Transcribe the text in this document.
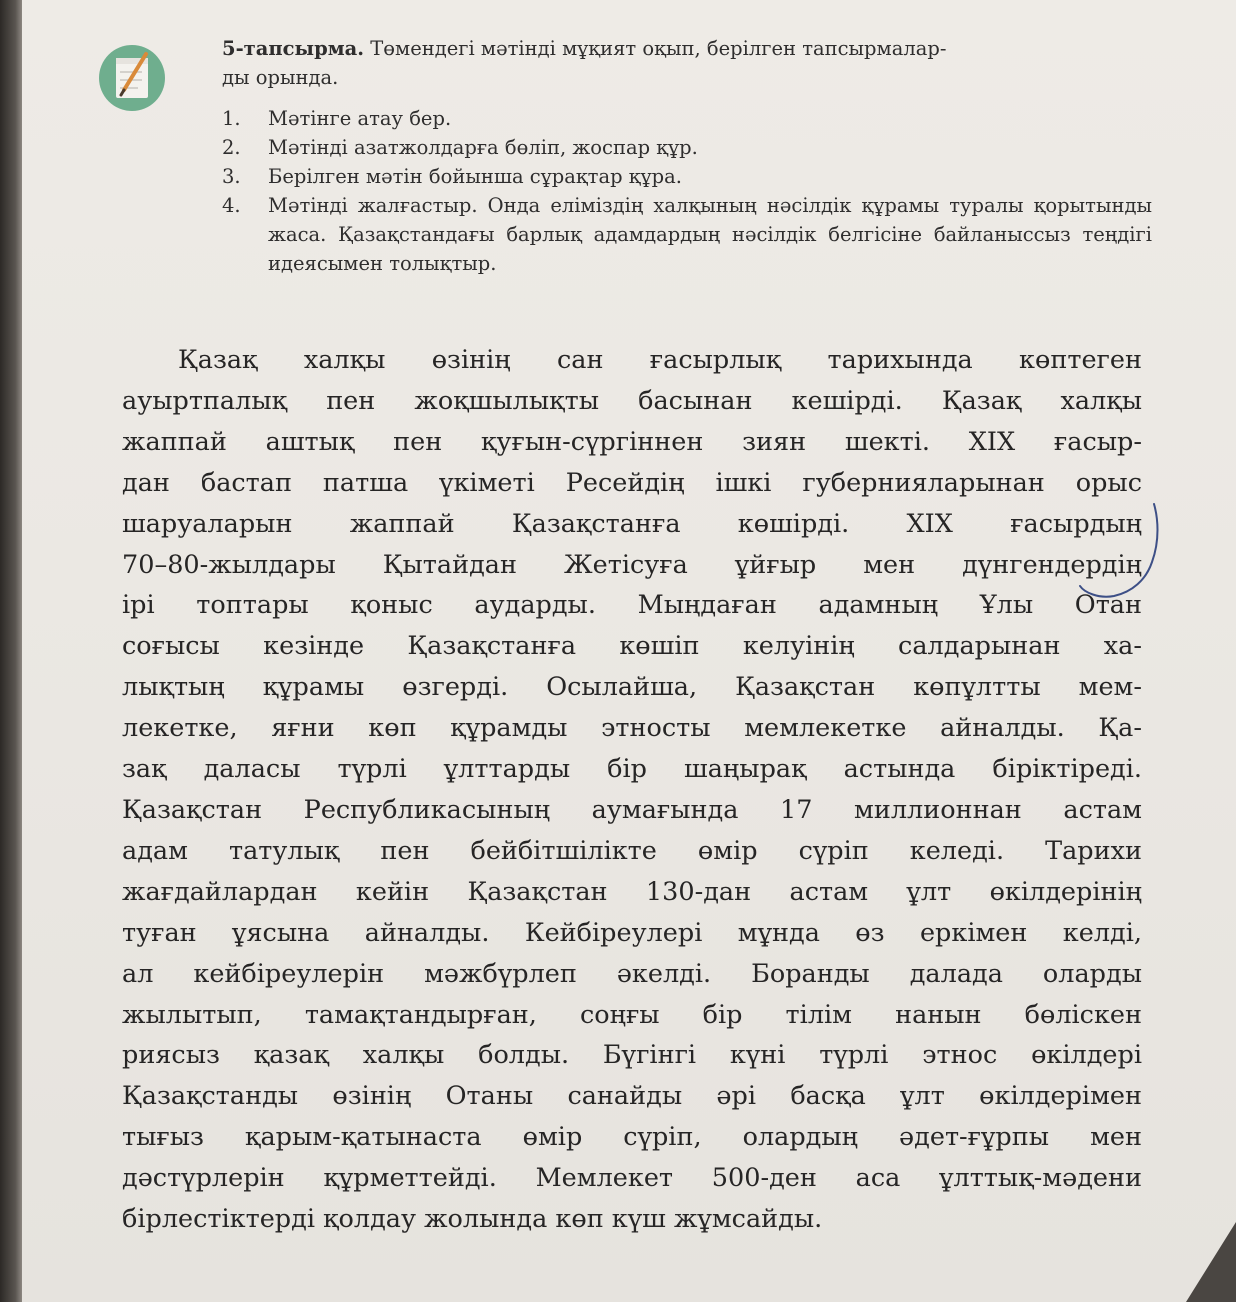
5-тапсырма. Төмендегі мәтінді мұқият оқып, берілген тапсырмалар-
ды орында.
1.	Мәтінге атау бер.
2.	Мәтінді азатжолдарға бөліп, жоспар құр.
3.	Берілген мәтін бойынша сұрақтар құра.
4.	Мәтінді жалғастыр. Онда еліміздің халқының нәсілдік құрамы туралы қорытынды жаса. Қазақстандағы барлық адамдардың нәсілдік белгісіне байланыссыз теңдігі идеясымен толықтыр.
Қазақ халқы өзінің сан ғасырлық тарихында көптеген
ауыртпалық пен жоқшылықты басынан кешірді. Қазақ халқы
жаппай аштық пен қуғын-сүргіннен зиян шекті. XIX ғасыр-
дан бастап патша үкіметі Ресейдің ішкі губернияларынан орыс
шаруаларын жаппай Қазақстанға көшірді. XIX ғасырдың
70–80-жылдары Қытайдан Жетісуға ұйғыр мен дүнгендердің
ірі топтары қоныс аударды. Мыңдаған адамның Ұлы Отан
соғысы кезінде Қазақстанға көшіп келуінің салдарынан ха-
лықтың құрамы өзгерді. Осылайша, Қазақстан көпұлтты мем-
лекетке, яғни көп құрамды этносты мемлекетке айналды. Қа-
зақ даласы түрлі ұлттарды бір шаңырақ астында біріктіреді.
Қазақстан Республикасының аумағында 17 миллионнан астам
адам татулық пен бейбітшілікте өмір сүріп келеді. Тарихи
жағдайлардан кейін Қазақстан 130-дан астам ұлт өкілдерінің
туған ұясына айналды. Кейбіреулері мұнда өз еркімен келді,
ал кейбіреулерін мәжбүрлеп әкелді. Боранды далада оларды
жылытып, тамақтандырған, соңғы бір тілім нанын бөліскен
риясыз қазақ халқы болды. Бүгінгі күні түрлі этнос өкілдері
Қазақстанды өзінің Отаны санайды әрі басқа ұлт өкілдерімен
тығыз қарым-қатынаста өмір сүріп, олардың әдет-ғұрпы мен
дәстүрлерін құрметтейді. Мемлекет 500-ден аса ұлттық-мәдени
бірлестіктерді қолдау жолында көп күш жұмсайды.
